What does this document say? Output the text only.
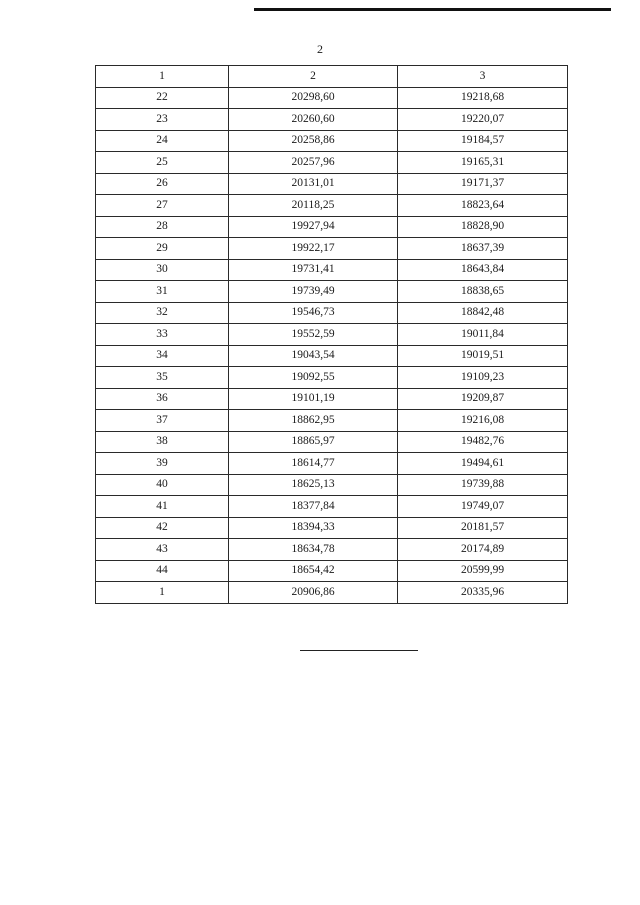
2
1	2	3
22	20298,60	19218,68
23	20260,60	19220,07
24	20258,86	19184,57
25	20257,96	19165,31
26	20131,01	19171,37
27	20118,25	18823,64
28	19927,94	18828,90
29	19922,17	18637,39
30	19731,41	18643,84
31	19739,49	18838,65
32	19546,73	18842,48
33	19552,59	19011,84
34	19043,54	19019,51
35	19092,55	19109,23
36	19101,19	19209,87
37	18862,95	19216,08
38	18865,97	19482,76
39	18614,77	19494,61
40	18625,13	19739,88
41	18377,84	19749,07
42	18394,33	20181,57
43	18634,78	20174,89
44	18654,42	20599,99
1	20906,86	20335,96
